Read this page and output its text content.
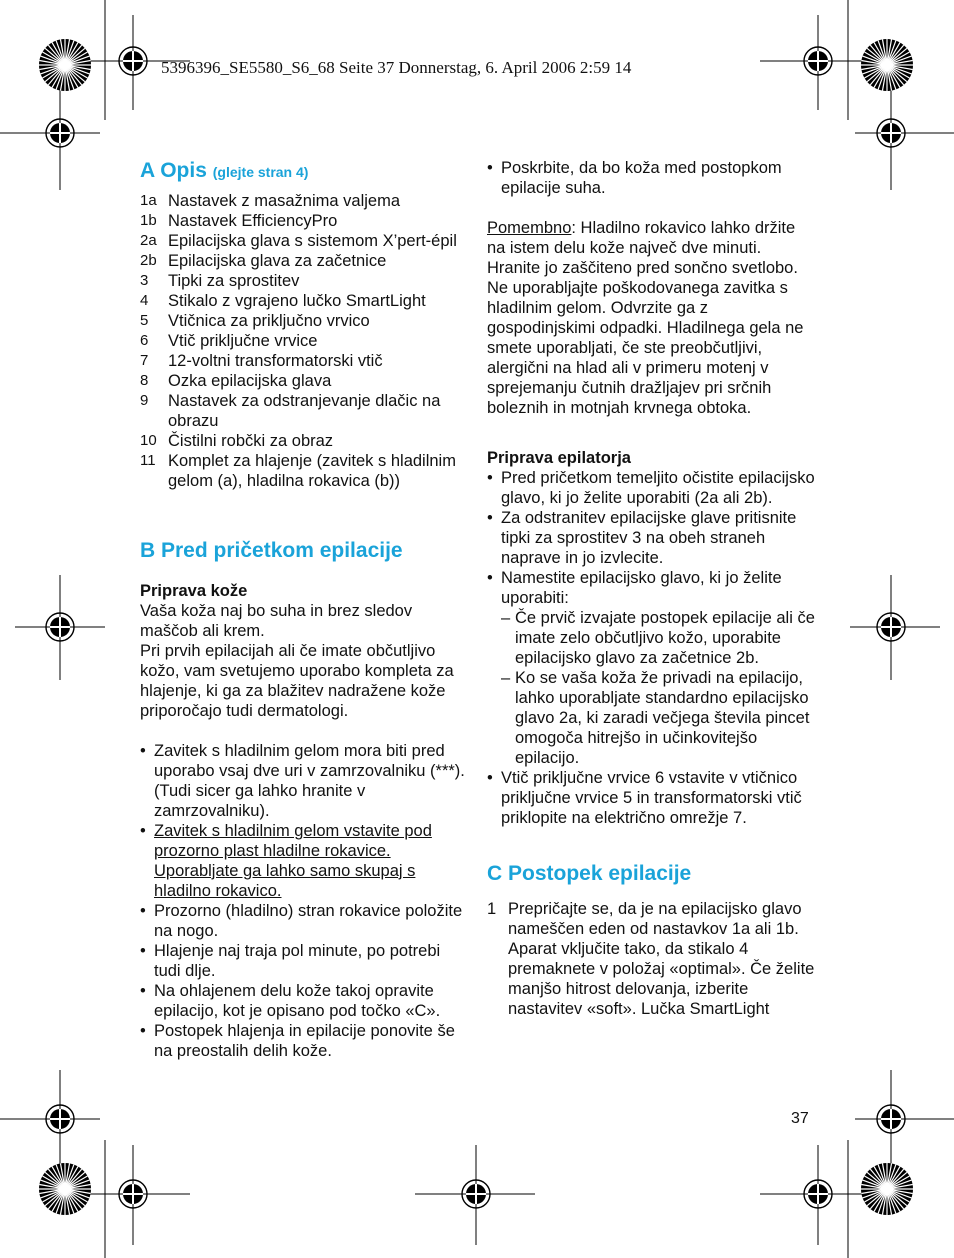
5396396_SE5580_S6_68 Seite 37 Donnerstag, 6. April 2006 2:59 14
A Opis (glejte stran 4)
1a Nastavek z masažnima valjema
1b Nastavek EfficiencyPro
2a Epilacijska glava s sistemom X’pert-épil
2b Epilacijska glava za začetnice
3	Tipki za sprostitev
4	Stikalo z vgrajeno lučko SmartLight
5	Vtičnica za priključno vrvico
6	Vtič priključne vrvice
7	12-voltni transformatorski vtič
8	Ozka epilacijska glava
9	Nastavek za odstranjevanje dlačic na obrazu
10 Čistilni robčki za obraz
11 Komplet za hlajenje (zavitek s hladilnim gelom (a), hladilna rokavica (b))
B Pred pričetkom epilacije

Priprava kože

Vaša koža naj bo suha in brez sledov maščob ali krem.

Pri prvih epilacijah ali če imate občutljivo kožo, vam svetujemo uporabo kompleta za hlajenje, ki ga za blažitev nadražene kože priporočajo tudi dermatologi.

• Zavitek s hladilnim gelom mora biti pred uporabo vsaj dve uri v zamrzovalniku (***). (Tudi sicer ga lahko hranite v zamrzovalniku).
• Zavitek s hladilnim gelom vstavite pod prozorno plast hladilne rokavice. Uporabljate ga lahko samo skupaj s hladilno rokavico.
• Prozorno (hladilno) stran rokavice položite na nogo.
• Hlajenje naj traja pol minute, po potrebi tudi dlje.
• Na ohlajenem delu kože takoj opravite epilacijo, kot je opisano pod točko «C».
• Postopek hlajenja in epilacije ponovite še na preostalih delih kože.
• Poskrbite, da bo koža med postopkom epilacije suha.

Pomembno: Hladilno rokavico lahko držite na istem delu kože največ dve minuti. Hranite jo zaščiteno pred sončno svetlobo. Ne uporabljajte poškodovanega zavitka s hladilnim gelom. Odvrzite ga z gospodinjskimi odpadki. Hladilnega gela ne smete uporabljati, če ste preobčutljivi, alergični na hlad ali v primeru motenj v sprejemanju čutnih dražljajev pri srčnih boleznih in motnjah krvnega obtoka.

Priprava epilatorja

• Pred pričetkom temeljito očistite epilacijsko glavo, ki jo želite uporabiti (2a ali 2b).
• Za odstranitev epilacijske glave pritisnite tipki za sprostitev 3 na obeh straneh naprave in jo izvlecite.
• Namestite epilacijsko glavo, ki jo želite uporabiti:
– Če prvič izvajate postopek epilacije ali če imate zelo občutljivo kožo, uporabite epilacijsko glavo za začetnice 2b.
– Ko se vaša koža že privadi na epilacijo, lahko uporabljate standardno epilacijsko glavo 2a, ki zaradi večjega števila pincet omogoča hitrejšo in učinkovitejšo epilacijo.
• Vtič priključne vrvice 6 vstavite v vtičnico priključne vrvice 5 in transformatorski vtič priklopite na električno omrežje 7.
C Postopek epilacije
1 Prepričajte se, da je na epilacijsko glavo nameščen eden od nastavkov 1a ali 1b.
Aparat vključite tako, da stikalo 4 premaknete v položaj «optimal». Če želite manjšo hitrost delovanja, izberite nastavitev «soft». Lučka SmartLight
37
